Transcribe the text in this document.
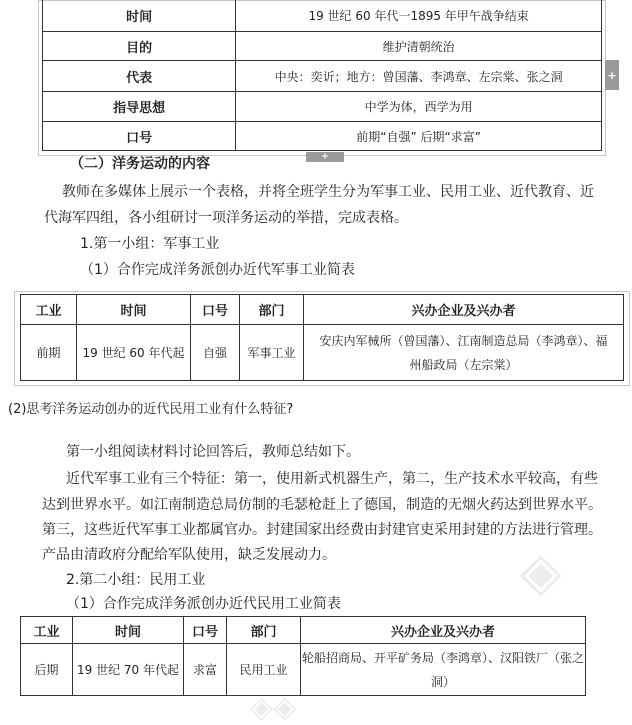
◈
◈◈
时间	19 世纪 60 年代一1895 年甲午战争结束
目的	维护清朝统治
代表	中央：奕䜣；地方：曾国藩、李鸿章、左宗棠、张之洞
指导思想	中学为体，西学为用
口号	前期“自强” 后期“求富”
+
+
（二）洋务运动的内容
教师在多媒体上展示一个表格，并将全班学生分为军事工业、民用工业、近代教育、近
代海军四组，各小组研讨一项洋务运动的举措，完成表格。
1.第一小组：军事工业
（1）合作完成洋务派创办近代军事工业简表
工业	时间	口号	部门	兴办企业及兴办者
前期	19 世纪 60 年代起	自强	军事工业	安庆内军械所（曾国藩）、江南制造总局（李鸿章）、福
州船政局（左宗棠）
(2)思考洋务运动创办的近代民用工业有什么特征?
第一小组阅读材料讨论回答后，教师总结如下。
近代军事工业有三个特征：第一，使用新式机器生产，第二，生产技术水平较高，有些
达到世界水平。如江南制造总局仿制的毛瑟枪赶上了德国，制造的无烟火药达到世界水平。
第三，这些近代军事工业都属官办。封建国家出经费由封建官吏采用封建的方法进行管理。
产品由清政府分配给军队使用，缺乏发展动力。
2.第二小组：民用工业
（1）合作完成洋务派创办近代民用工业简表
工业	时间	口号	部门	兴办企业及兴办者
后期	19 世纪 70 年代起	求富	民用工业	轮船招商局、开平矿务局（李鸿章）、汉阳铁厂（张之
洞）
